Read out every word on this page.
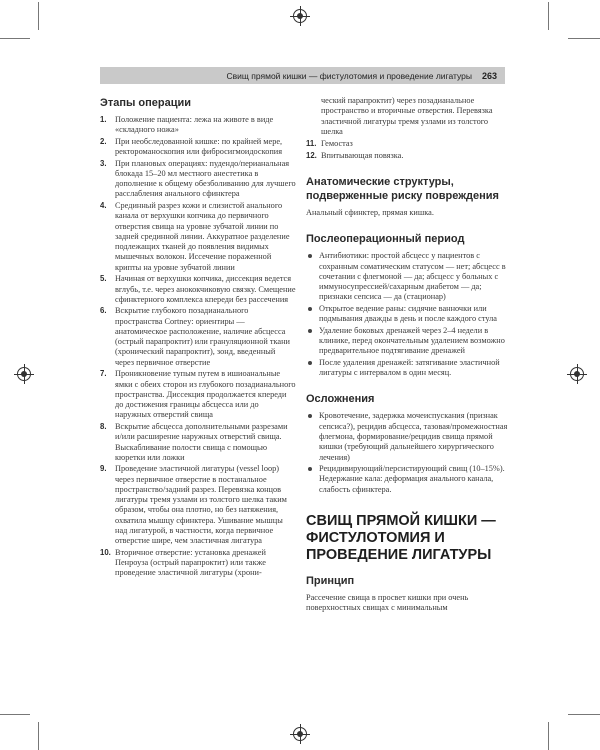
Свищ прямой кишки — фистулотомия и проведение лигатуры 263
Этапы операции
1. Положение пациента: лежа на животе в виде «складного ножа»
2. При необследованной кишке: по крайней мере, ректороманоскопия или фибросигмоидоскопия
3. При плановых операциях: пудендо/перианальная блокада 15–20 мл местного анестетика в дополнение к общему обезболиванию для лучшего расслабления анального сфинктера
4. Срединный разрез кожи и слизистой анального канала от верхушки копчика до первичного отверстия свища на уровне зубчатой линии по задней срединной линии. Аккуратное разделение подлежащих тканей до появления видимых мышечных волокон. Иссечение пораженной крипты на уровне зубчатой линии
5. Начиная от верхушки копчика, диссекция ведется вглубь, т.е. через анококчиковую связку. Смещение сфинктерного комплекса кпереди без рассечения
6. Вскрытие глубокого позадианального пространства Cortney: ориентиры — анатомическое расположение, наличие абсцесса (острый парапроктит) или грануляционной ткани (хронический парапроктит), зонд, введенный через первичное отверстие
7. Проникновение тупым путем в ишиоанальные ямки с обеих сторон из глубокого позадианального пространства. Диссекция продолжается кпереди до достижения границы абсцесса или до наружных отверстий свища
8. Вскрытие абсцесса дополнительными разрезами и/или расширение наружных отверстий свища. Выскабливание полости свища с помощью кюретки или ложки
9. Проведение эластичной лигатуры (vessel loop) через первичное отверстие в постанальное пространство/задний разрез. Перевязка концов лигатуры тремя узлами из толстого шелка таким образом, чтобы она плотно, но без натяжения, охватила мышцу сфинктера. Ушивание мышцы над лигатурой, в частности, когда первичное отверстие шире, чем эластичная лигатура
10. Вторичное отверстие: установка дренажей Пенроуза (острый парапроктит) или также проведение эластичной лигатуры (хрони-
ческий парапроктит) через позадианальное пространство и вторичные отверстия. Перевязка эластичной лигатуры тремя узлами из толстого шелка
11. Гемостаз
12. Впитывающая повязка.
Анатомические структуры, подверженные риску повреждения

Анальный сфинктер, прямая кишка.

Послеоперационный период
Антибиотики: простой абсцесс у пациентов с сохранным соматическим статусом — нет; абсцесс в сочетании с флегмоной — да; абсцесс у больных с иммуносупрессией/сахарным диабетом — да; признаки сепсиса — да (стационар)
Открытое ведение раны: сидячие ванночки или подмывания дважды в день и после каждого стула
Удаление боковых дренажей через 2–4 недели в клинике, перед окончательным удалением возможно предварительное подтягивание дренажей
После удаления дренажей: затягивание эластичной лигатуры с интервалом в один месяц.
Осложнения
Кровотечение, задержка мочеиспускания (признак сепсиса?), рецидив абсцесса, тазовая/промежностная флегмона, формирование/рецидив свища прямой кишки (требующий дальнейшего хирургического лечения)
Рецидивирующий/персистирующий свищ (10–15%). Недержание кала: деформация анального канала, слабость сфинктера.
СВИЩ ПРЯМОЙ КИШКИ — ФИСТУЛОТОМИЯ И ПРОВЕДЕНИЕ ЛИГАТУРЫ
Принцип

Рассечение свища в просвет кишки при очень поверхностных свищах с минимальным
